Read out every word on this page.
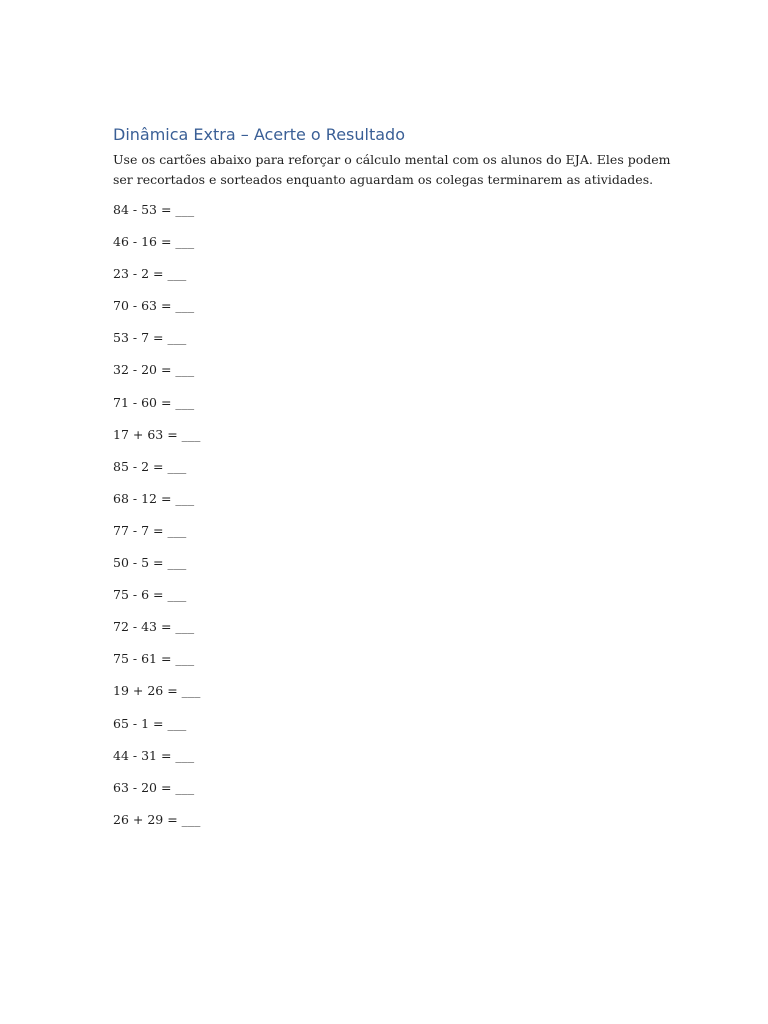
Dinâmica Extra – Acerte o Resultado

Use os cartões abaixo para reforçar o cálculo mental com os alunos do EJA. Eles podem ser recortados e sorteados enquanto aguardam os colegas terminarem as atividades.

84 - 53 = ___
46 - 16 = ___
23 - 2 = ___
70 - 63 = ___
53 - 7 = ___
32 - 20 = ___
71 - 60 = ___
17 + 63 = ___
85 - 2 = ___
68 - 12 = ___
77 - 7 = ___
50 - 5 = ___
75 - 6 = ___
72 - 43 = ___
75 - 61 = ___
19 + 26 = ___
65 - 1 = ___
44 - 31 = ___
63 - 20 = ___
26 + 29 = ___
